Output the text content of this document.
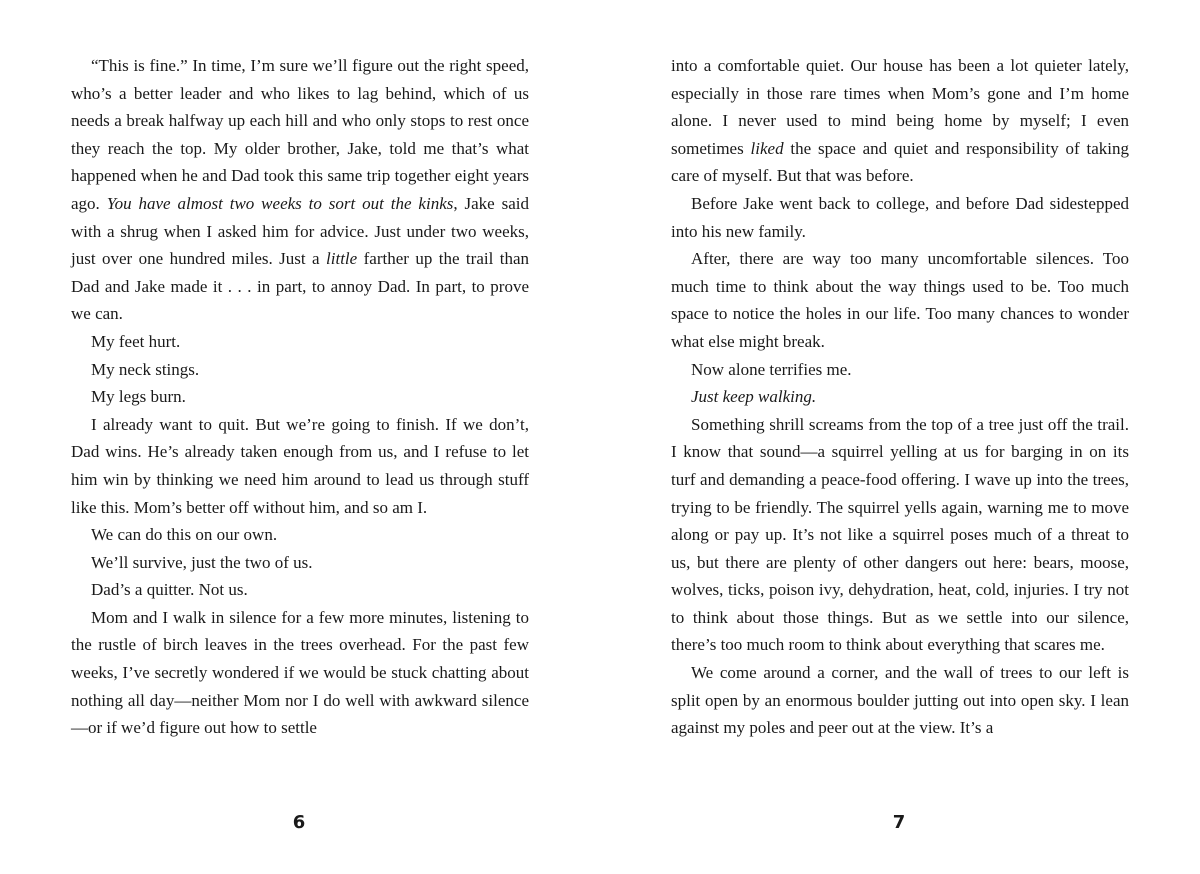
“This is fine.” In time, I’m sure we’ll figure out the right speed, who’s a better leader and who likes to lag behind, which of us needs a break halfway up each hill and who only stops to rest once they reach the top. My older brother, Jake, told me that’s what happened when he and Dad took this same trip together eight years ago. You have almost two weeks to sort out the kinks, Jake said with a shrug when I asked him for advice. Just under two weeks, just over one hundred miles. Just a little farther up the trail than Dad and Jake made it . . . in part, to annoy Dad. In part, to prove we can.

My feet hurt.

My neck stings.

My legs burn.

I already want to quit. But we’re going to finish. If we don’t, Dad wins. He’s already taken enough from us, and I refuse to let him win by thinking we need him around to lead us through stuff like this. Mom’s better off without him, and so am I.

We can do this on our own.

We’ll survive, just the two of us.

Dad’s a quitter. Not us.

Mom and I walk in silence for a few more minutes, listening to the rustle of birch leaves in the trees overhead. For the past few weeks, I’ve secretly wondered if we would be stuck chatting about nothing all day—neither Mom nor I do well with awkward silence—or if we’d figure out how to settle

6

into a comfortable quiet. Our house has been a lot quieter lately, especially in those rare times when Mom’s gone and I’m home alone. I never used to mind being home by myself; I even sometimes liked the space and quiet and responsibility of taking care of myself. But that was before.

Before Jake went back to college, and before Dad sidestepped into his new family.

After, there are way too many uncomfortable silences. Too much time to think about the way things used to be. Too much space to notice the holes in our life. Too many chances to wonder what else might break.

Now alone terrifies me.

Just keep walking.

Something shrill screams from the top of a tree just off the trail. I know that sound—a squirrel yelling at us for barging in on its turf and demanding a peace-food offering. I wave up into the trees, trying to be friendly. The squirrel yells again, warning me to move along or pay up. It’s not like a squirrel poses much of a threat to us, but there are plenty of other dangers out here: bears, moose, wolves, ticks, poison ivy, dehydration, heat, cold, injuries. I try not to think about those things. But as we settle into our silence, there’s too much room to think about everything that scares me.

We come around a corner, and the wall of trees to our left is split open by an enormous boulder jutting out into open sky. I lean against my poles and peer out at the view. It’s a

7
